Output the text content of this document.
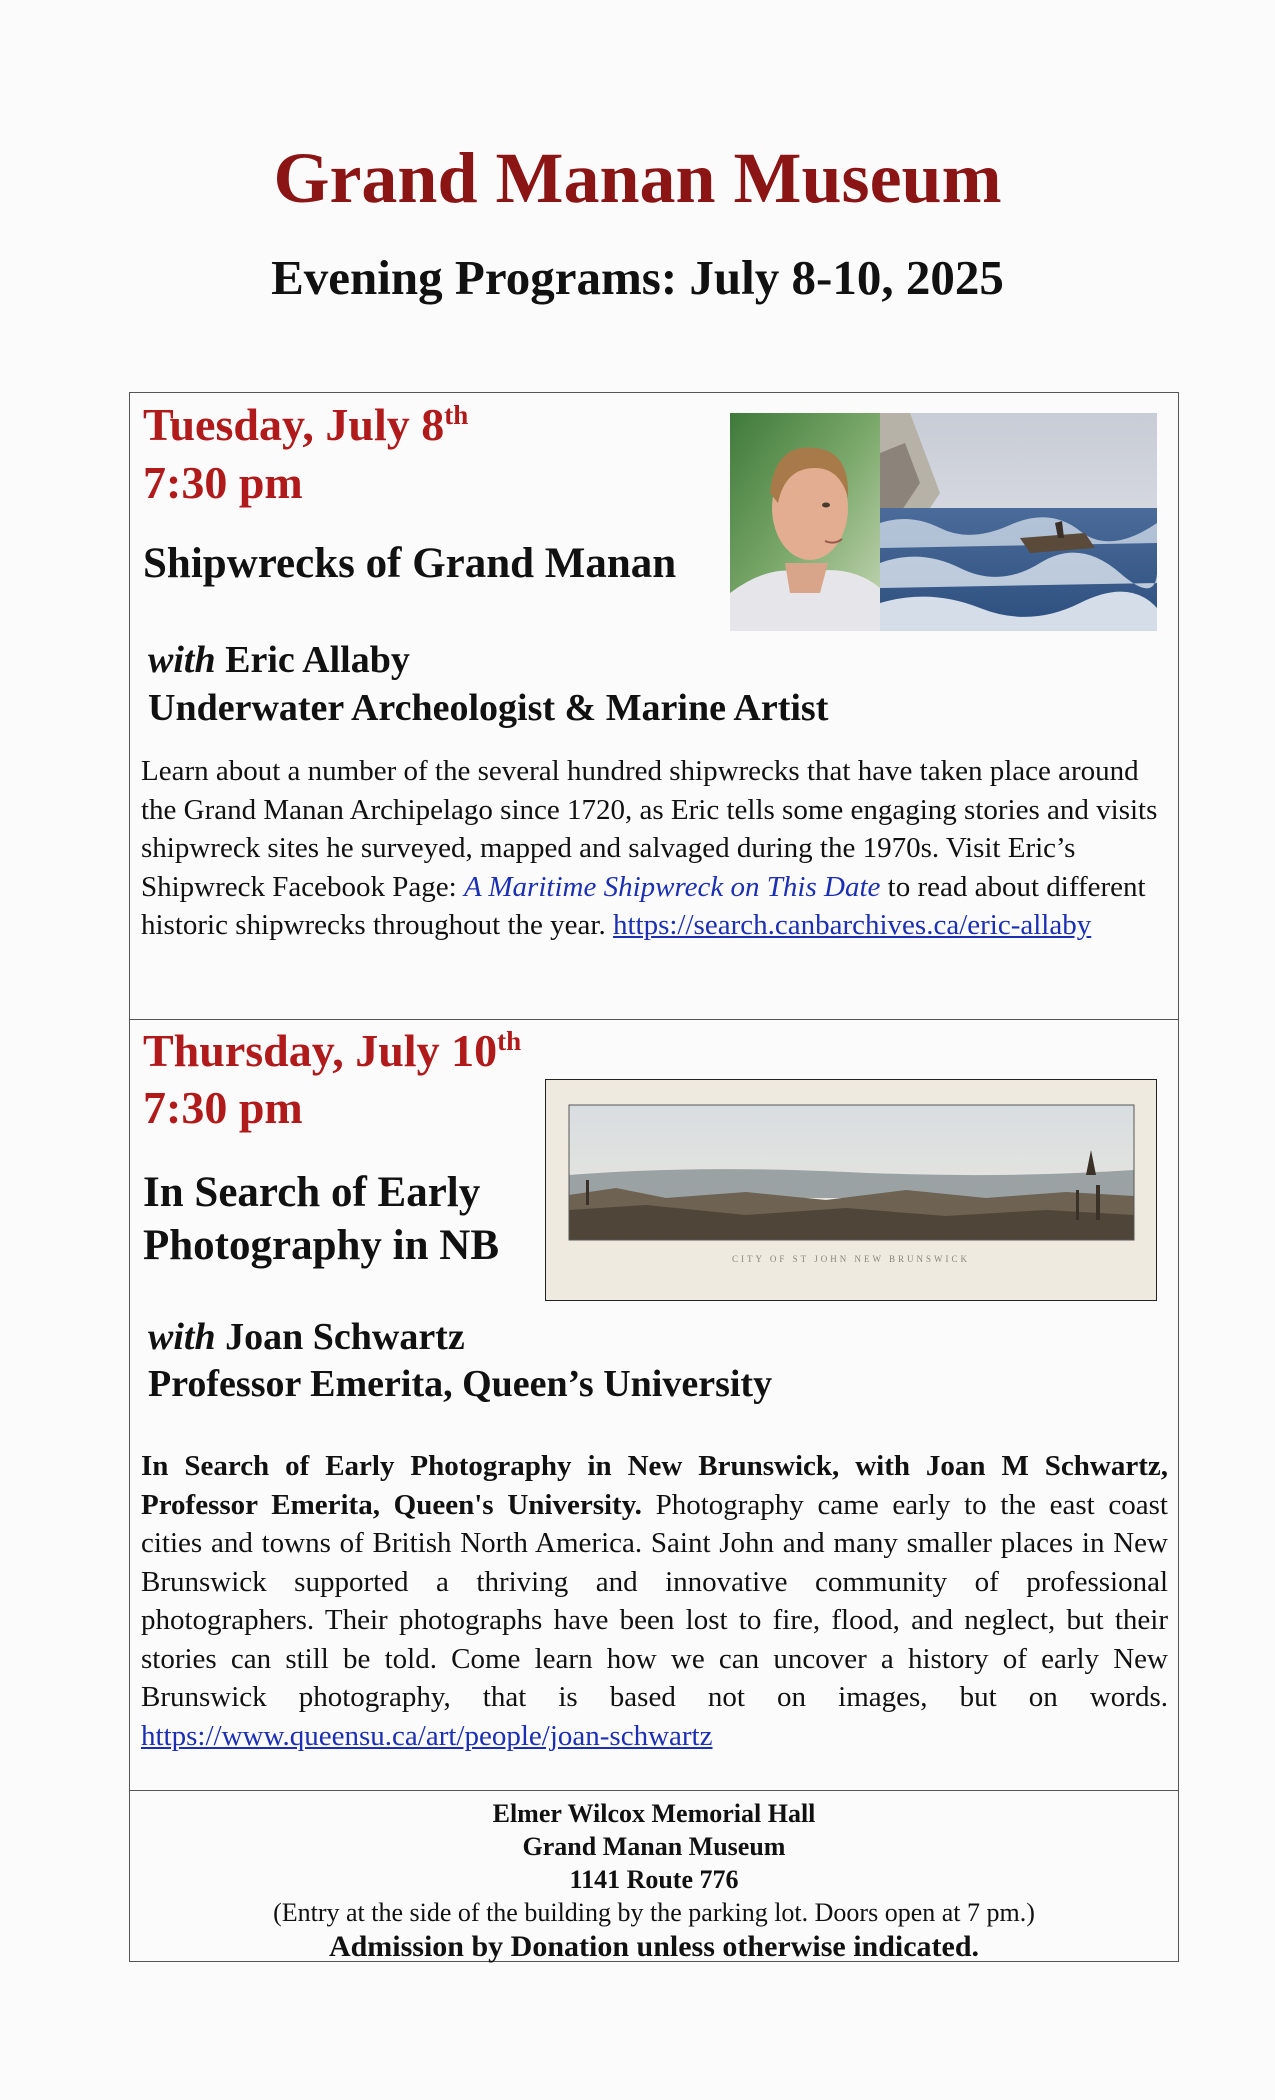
Grand Manan Museum
Evening Programs: July 8-10, 2025
Tuesday, July 8th
7:30 pm
Shipwrecks of Grand Manan
with Eric Allaby
Underwater Archeologist & Marine Artist
Learn about a number of the several hundred shipwrecks that have taken place around the Grand Manan Archipelago since 1720, as Eric tells some engaging stories and visits shipwreck sites he surveyed, mapped and salvaged during the 1970s. Visit Eric’s Shipwreck Facebook Page: A Maritime Shipwreck on This Date to read about different historic shipwrecks throughout the year. https://search.canbarchives.ca/eric-allaby
Thursday, July 10th
7:30 pm
In Search of Early
Photography in NB	CITY OF ST JOHN NEW BRUNSWICK
with Joan Schwartz
Professor Emerita, Queen’s University
In Search of Early Photography in New Brunswick, with Joan M Schwartz, Professor Emerita, Queen's University. Photography came early to the east coast cities and towns of British North America. Saint John and many smaller places in New Brunswick supported a thriving and innovative community of professional photographers. Their photographs have been lost to fire, flood, and neglect, but their stories can still be told. Come learn how we can uncover a history of early New Brunswick photography, that is based not on images, but on words. https://www.queensu.ca/art/people/joan-schwartz
Elmer Wilcox Memorial Hall
Grand Manan Museum
1141 Route 776
(Entry at the side of the building by the parking lot. Doors open at 7 pm.)
Admission by Donation unless otherwise indicated.
